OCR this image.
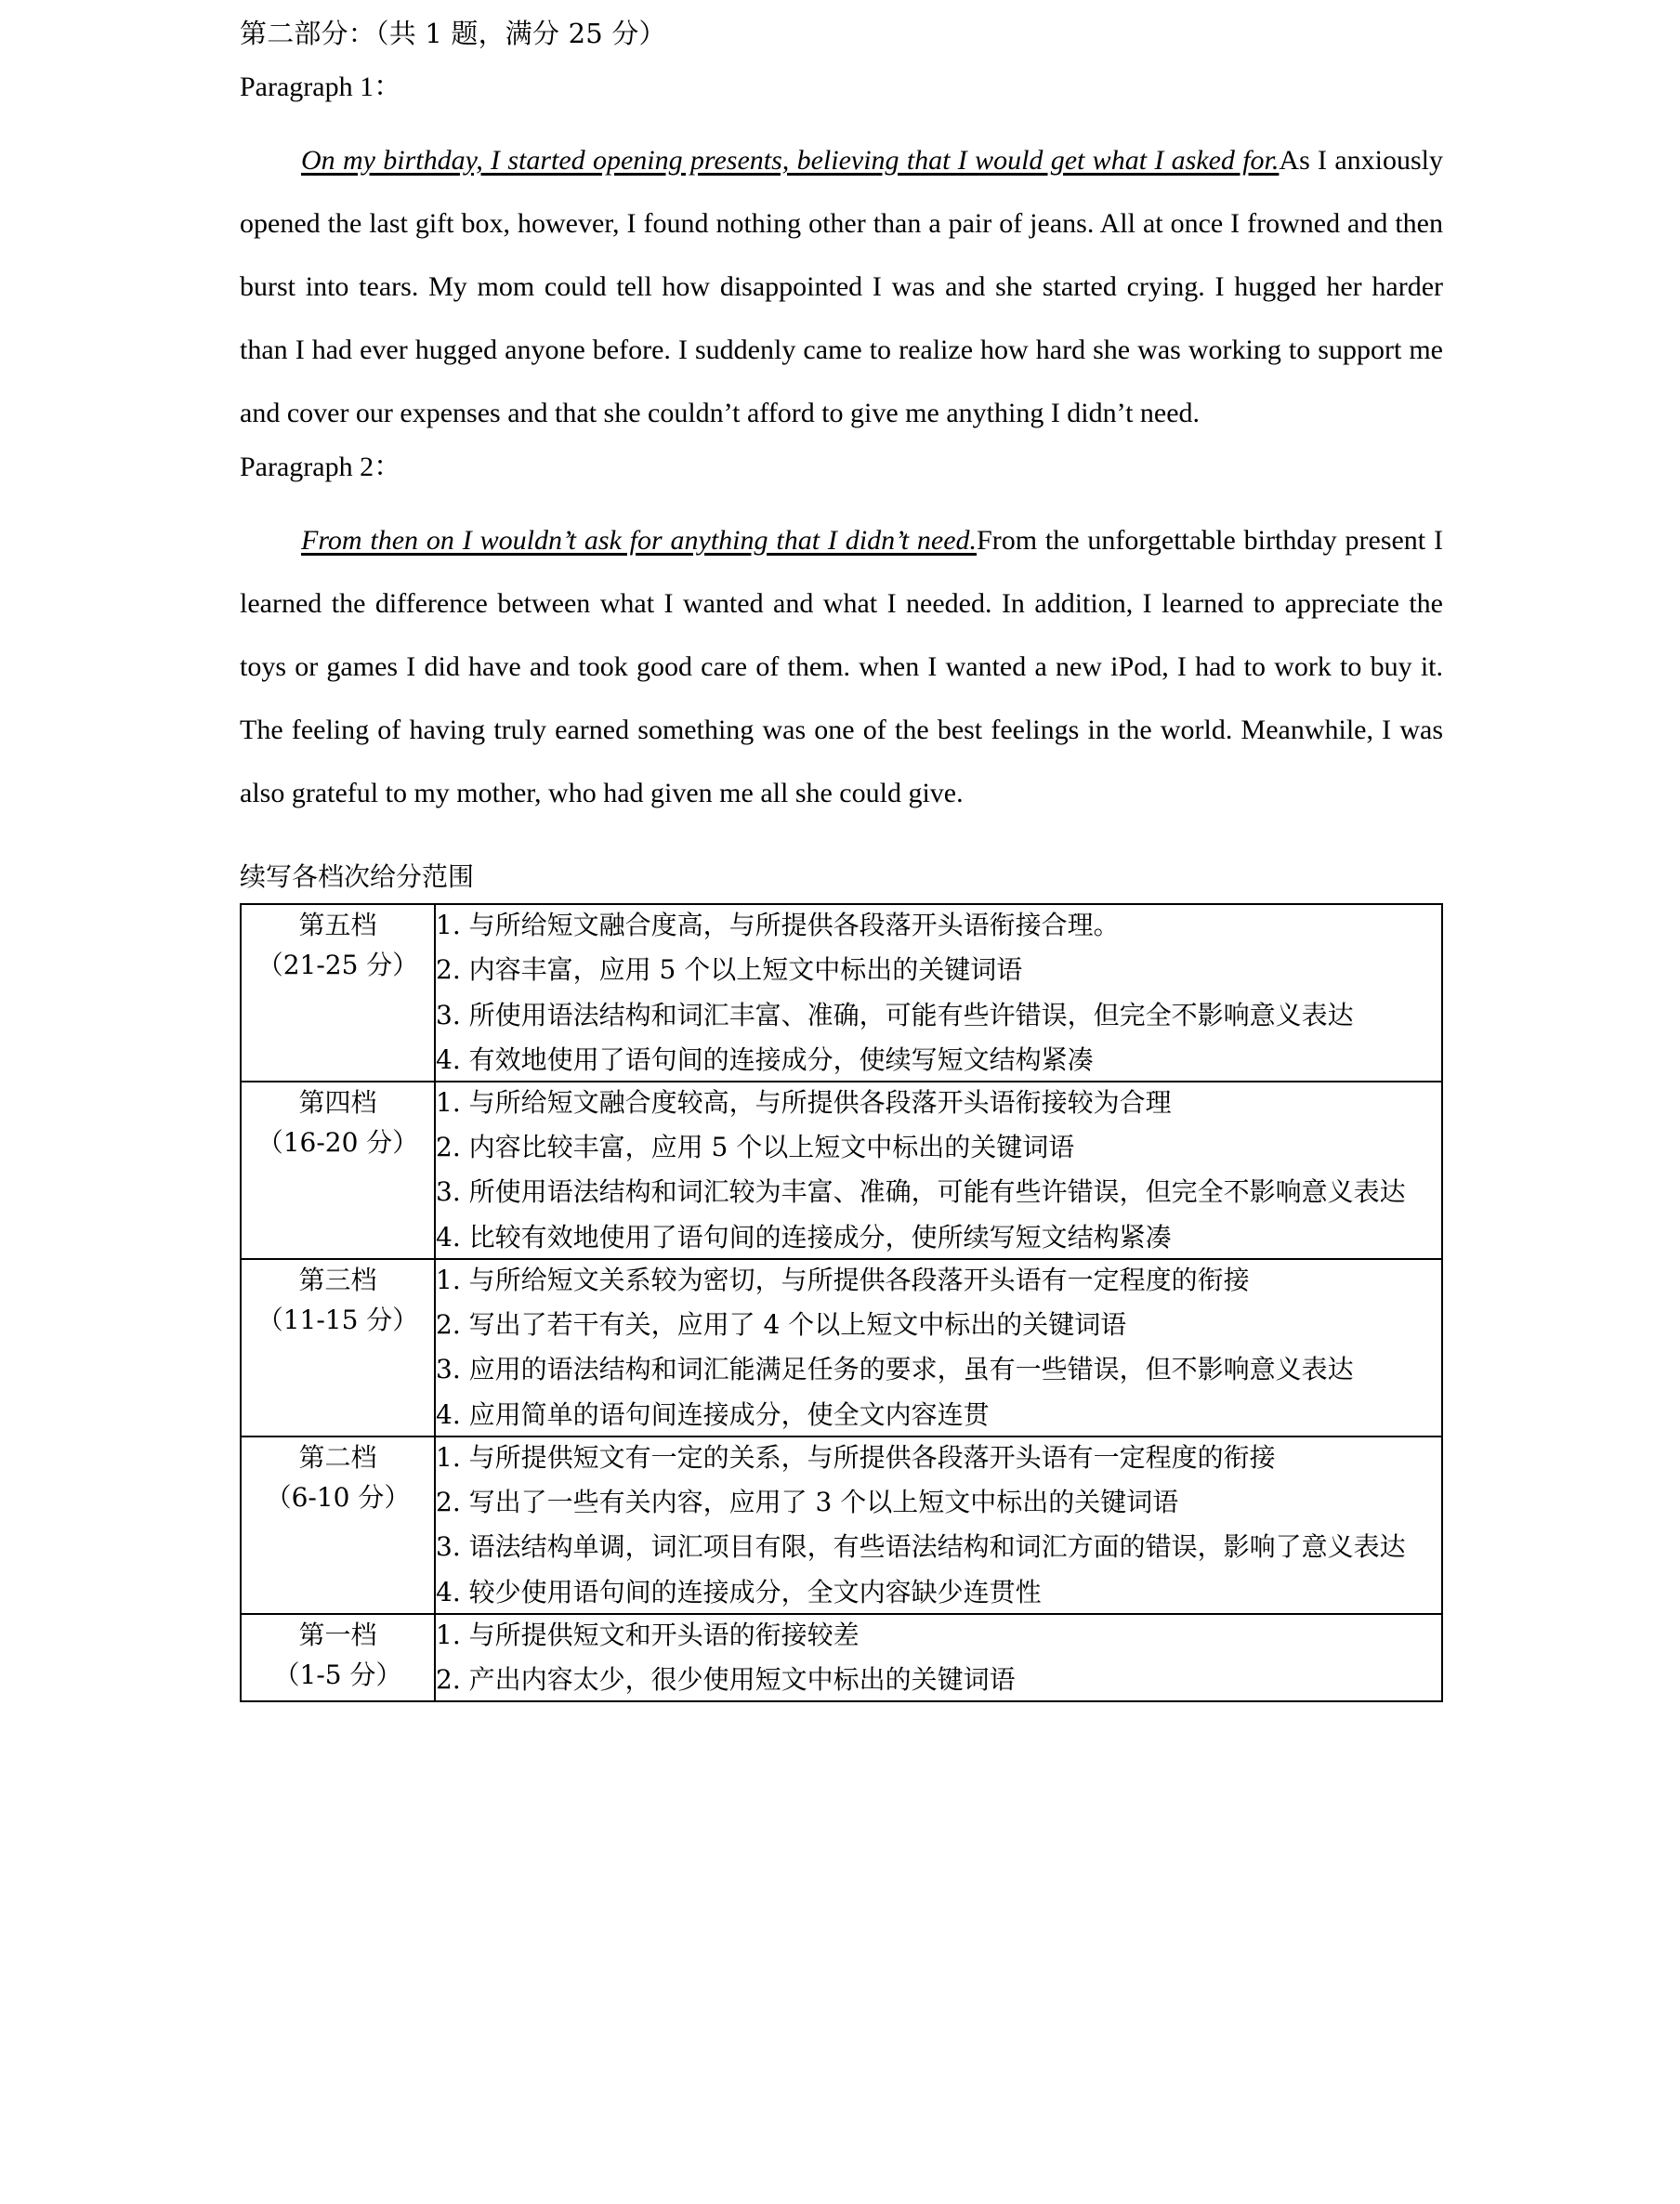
第二部分：（共 1 题，满分 25 分）

Paragraph 1：

On my birthday, I started opening presents, believing that I would get what I asked for.As I anxiously opened the last gift box, however, I found nothing other than a pair of jeans. All at once I frowned and then burst into tears. My mom could tell how disappointed I was and she started crying. I hugged her harder than I had ever hugged anyone before. I suddenly came to realize how hard she was working to support me and cover our expenses and that she couldn’t afford to give me anything I didn’t need.

Paragraph 2：

From then on I wouldn’t ask for anything that I didn’t need.From the unforgettable birthday present I learned the difference between what I wanted and what I needed. In addition, I learned to appreciate the toys or games I did have and took good care of them. when I wanted a new iPod, I had to work to buy it. The feeling of having truly earned something was one of the best feelings in the world. Meanwhile, I was also grateful to my mother, who had given me all she could give.

续写各档次给分范围

第五档
（21-25 分）

1. 与所给短文融合度高，与所提供各段落开头语衔接合理。
2. 内容丰富，应用 5 个以上短文中标出的关键词语
3. 所使用语法结构和词汇丰富、准确，可能有些许错误，但完全不影响意义表达
4. 有效地使用了语句间的连接成分，使续写短文结构紧凑

第四档
（16-20 分）

1. 与所给短文融合度较高，与所提供各段落开头语衔接较为合理
2. 内容比较丰富，应用 5 个以上短文中标出的关键词语
3. 所使用语法结构和词汇较为丰富、准确，可能有些许错误，但完全不影响意义表达
4. 比较有效地使用了语句间的连接成分，使所续写短文结构紧凑

第三档
（11-15 分）

1. 与所给短文关系较为密切，与所提供各段落开头语有一定程度的衔接
2. 写出了若干有关，应用了 4 个以上短文中标出的关键词语
3. 应用的语法结构和词汇能满足任务的要求，虽有一些错误，但不影响意义表达
4. 应用简单的语句间连接成分，使全文内容连贯

第二档
（6-10 分）

1. 与所提供短文有一定的关系，与所提供各段落开头语有一定程度的衔接
2. 写出了一些有关内容，应用了 3 个以上短文中标出的关键词语
3. 语法结构单调，词汇项目有限，有些语法结构和词汇方面的错误，影响了意义表达
4. 较少使用语句间的连接成分，全文内容缺少连贯性

第一档
（1-5 分）

1. 与所提供短文和开头语的衔接较差
2. 产出内容太少，很少使用短文中标出的关键词语
